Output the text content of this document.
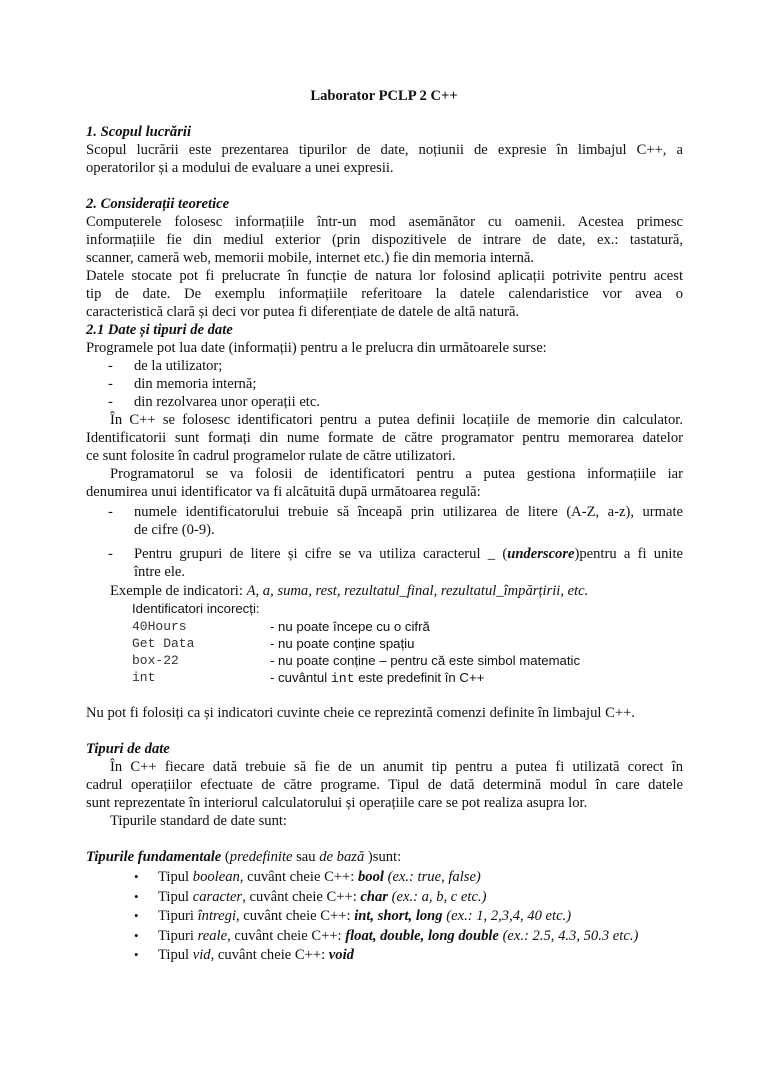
Laborator PCLP 2 C++
1. Scopul lucrării
Scopul lucrării este prezentarea tipurilor de date, noțiunii de expresie în limbajul C++, a
operatorilor și a modului de evaluare a unei expresii.
2. Considerații teoretice
Computerele folosesc informațiile într-un mod asemănător cu oamenii. Acestea primesc
informațiile fie din mediul exterior (prin dispozitivele de intrare de date, ex.: tastatură,
scanner, cameră web, memorii mobile, internet etc.) fie din memoria internă.
Datele stocate pot fi prelucrate în funcție de natura lor folosind aplicații potrivite pentru acest
tip de date. De exemplu informațiile referitoare la datele calendaristice vor avea o
caracteristică clară și deci vor putea fi diferențiate de datele de altă natură.
2.1 Date și tipuri de date
Programele pot lua date (informații) pentru a le prelucra din următoarele surse:
- de la utilizator;
- din memoria internă;
- din rezolvarea unor operații etc.
În C++ se folosesc identificatori pentru a putea definii locațiile de memorie din calculator.
Identificatorii sunt formați din nume formate de către programator pentru memorarea datelor
ce sunt folosite în cadrul programelor rulate de către utilizatori.
Programatorul se va folosii de identificatori pentru a putea gestiona informațiile iar
denumirea unui identificator va fi alcătuită după următoarea regulă:
- numele identificatorului trebuie să înceapă prin utilizarea de litere (A-Z, a-z), urmate
de cifre (0-9).
- Pentru grupuri de litere și cifre se va utiliza caracterul _ (underscore)pentru a fi unite
între ele.
Exemple de indicatori: A, a, suma, rest, rezultatul_final, rezultatul_împărțirii, etc.
Identificatori incorecți:
40Hours	- nu poate începe cu o cifră
Get Data	- nu poate conține spațiu
box-22	- nu poate conține – pentru că este simbol matematic
int	- cuvântul int este predefinit în C++
Nu pot fi folosiți ca și indicatori cuvinte cheie ce reprezintă comenzi definite în limbajul C++.
Tipuri de date
În C++ fiecare dată trebuie să fie de un anumit tip pentru a putea fi utilizată corect în
cadrul operațiilor efectuate de către programe. Tipul de dată determină modul în care datele
sunt reprezentate în interiorul calculatorului și operațiile care se pot realiza asupra lor.
Tipurile standard de date sunt:
Tipurile fundamentale (predefinite sau de bază )sunt:
• Tipul boolean, cuvânt cheie C++: bool (ex.: true, false)
• Tipul caracter, cuvânt cheie C++: char (ex.: a, b, c etc.)
• Tipuri întregi, cuvânt cheie C++: int, short, long (ex.: 1, 2,3,4, 40 etc.)
• Tipuri reale, cuvânt cheie C++: float, double, long double (ex.: 2.5, 4.3, 50.3 etc.)
• Tipul vid, cuvânt cheie C++: void
